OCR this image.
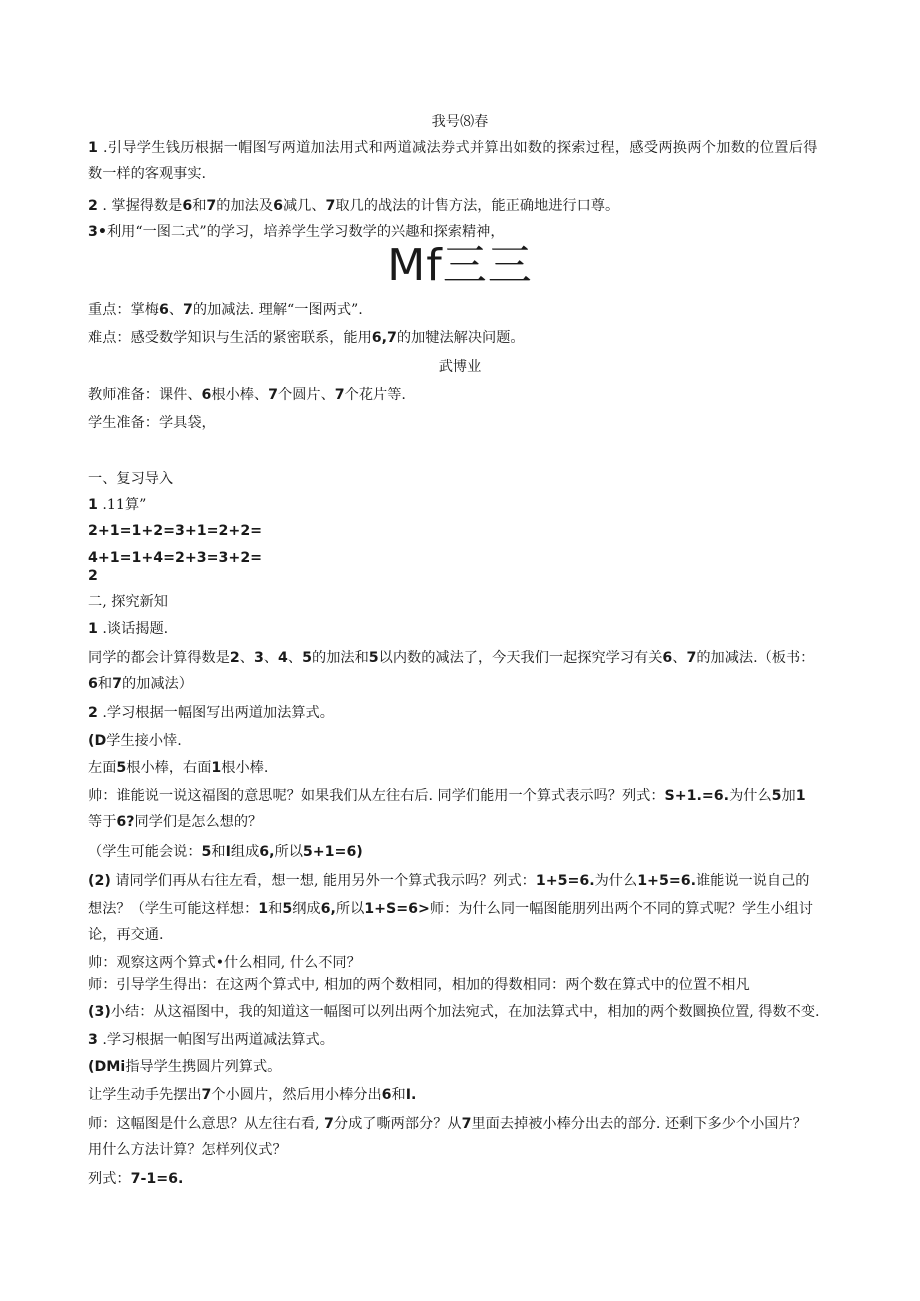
我号⑻春
1 .引导学生钱历根据一帽图写两道加法用式和两道减法券式并算出如数的探索过程，感受两换两个加数的位置后得
数一样的客观事实.
2 . 掌握得数是6和7的加法及6减几、7取几的战法的计售方法，能正确地进行口尊。
3•利用“一图二式”的学习，培养学生学习数学的兴趣和探索精神，
Mf三三
重点：掌梅6、7的加减法. 理解“一图两式”.
难点：感受数学知识与生活的紧密联系，能用6,7的加犍法解决问题。
武博业
教师准备：课件、6根小棒、7个圆片、7个花片等.
学生准备：学具袋，
一、复习导入
1 .11算”
2+1=1+2=3+1=2+2=
4+1=1+4=2+3=3+2=
2
二, 探究新知
1 .谈话揭题.
同学的都会计算得数是2、3、4、5的加法和5以内数的减法了，今天我们一起探究学习有关6、7的加减法.（板书：
6和7的加减法）
2 .学习根据一幅图写出两道加法算式。
(D学生接小悻.
左面5根小棒，右面1根小棒.
帅：谁能说一说这福图的意思呢？如果我们从左往右后. 同学们能用一个算式表示吗？列式：S+1.=6.为什么5加1
等于6?同学们是怎么想的？
（学生可能会说：5和I组成6,所以5+1=6)
(2) 请同学们再从右往左看，想一想, 能用另外一个算式我示吗？列式：1+5=6.为什么1+5=6.谁能说一说自己的
想法？（学生可能这样想：1和5纲成6,所以1+S=6>师：为什么同一幅图能朋列出两个不同的算式呢？学生小组讨
论，再交通.
帅：观察这两个算式•什么相同, 什么不同？
师：引导学生得出：在这两个算式中, 相加的两个数相同，相加的得数相同：两个数在算式中的位置不相凡
(3)小结：从这福图中，我的知道这一幅图可以列出两个加法宛式，在加法算式中，相加的两个数圜换位置, 得数不变.
3 .学习根据一帕图写出两道减法算式。
(DMi指导学生携圆片列算式。
让学生动手先摆出7个小圆片，然后用小棒分出6和I.
师：这幅图是什么意思？从左往右看, 7分成了嘶两部分？从7里面去掉被小棒分出去的部分. 还剩下多少个小国片？
用什么方法计算？怎样列仪式？
列式：7-1=6.
